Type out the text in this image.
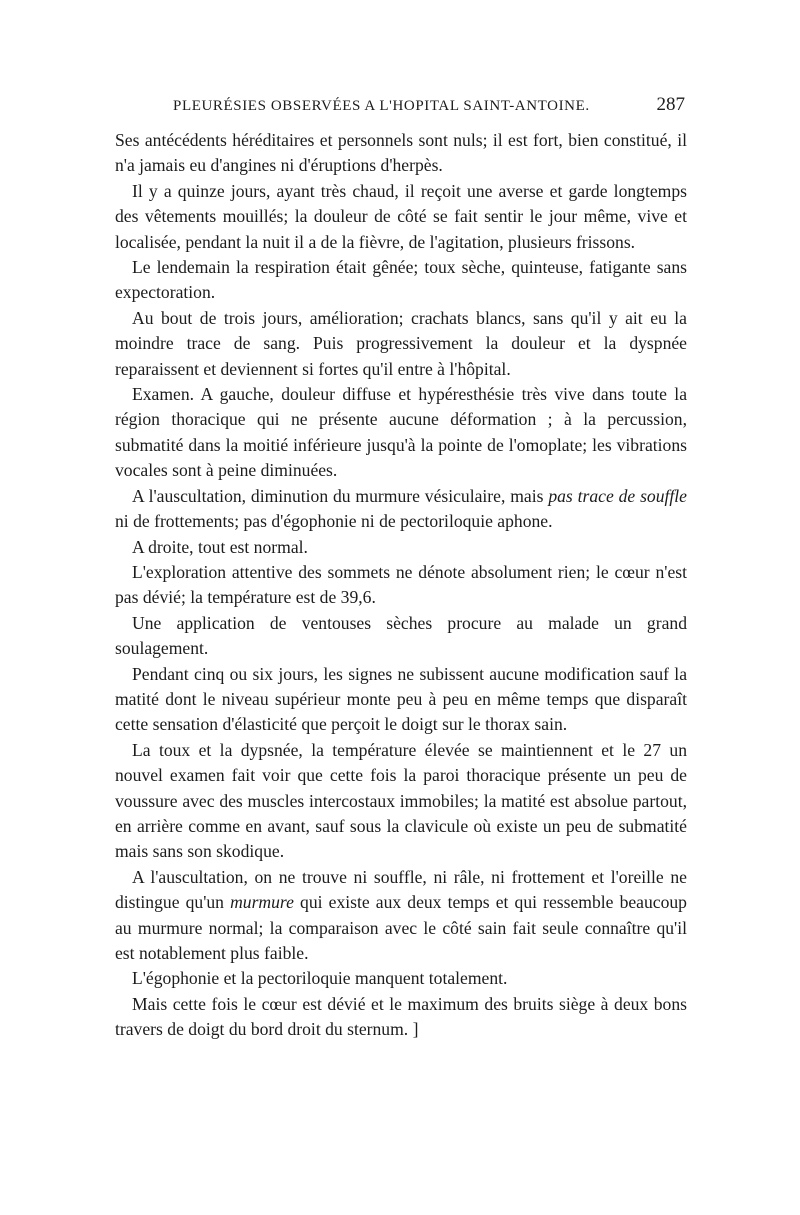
PLEURÉSIES OBSERVÉES A L'HOPITAL SAINT-ANTOINE.	287

Ses antécédents héréditaires et personnels sont nuls; il est fort, bien constitué, il n'a jamais eu d'angines ni d'éruptions d'herpès.

Il y a quinze jours, ayant très chaud, il reçoit une averse et garde longtemps des vêtements mouillés; la douleur de côté se fait sentir le jour même, vive et localisée, pendant la nuit il a de la fièvre, de l'agitation, plusieurs frissons.

Le lendemain la respiration était gênée; toux sèche, quinteuse, fatigante sans expectoration.

Au bout de trois jours, amélioration; crachats blancs, sans qu'il y ait eu la moindre trace de sang. Puis progressivement la douleur et la dyspnée reparaissent et deviennent si fortes qu'il entre à l'hôpital.

Examen. A gauche, douleur diffuse et hypéresthésie très vive dans toute la région thoracique qui ne présente aucune déformation ; à la percussion, submatité dans la moitié inférieure jusqu'à la pointe de l'omoplate; les vibrations vocales sont à peine diminuées.

A l'auscultation, diminution du murmure vésiculaire, mais pas trace de souffle ni de frottements; pas d'égophonie ni de pectoriloquie aphone.

A droite, tout est normal.

L'exploration attentive des sommets ne dénote absolument rien; le cœur n'est pas dévié; la température est de 39,6.

Une application de ventouses sèches procure au malade un grand soulagement.

Pendant cinq ou six jours, les signes ne subissent aucune modification sauf la matité dont le niveau supérieur monte peu à peu en même temps que disparaît cette sensation d'élasticité que perçoit le doigt sur le thorax sain.

La toux et la dypsnée, la température élevée se maintiennent et le 27 un nouvel examen fait voir que cette fois la paroi thoracique présente un peu de voussure avec des muscles intercostaux immobiles; la matité est absolue partout, en arrière comme en avant, sauf sous la clavicule où existe un peu de submatité mais sans son skodique.

A l'auscultation, on ne trouve ni souffle, ni râle, ni frottement et l'oreille ne distingue qu'un murmure qui existe aux deux temps et qui ressemble beaucoup au murmure normal; la comparaison avec le côté sain fait seule connaître qu'il est notablement plus faible.

L'égophonie et la pectoriloquie manquent totalement.

Mais cette fois le cœur est dévié et le maximum des bruits siège à deux bons travers de doigt du bord droit du sternum. ]
